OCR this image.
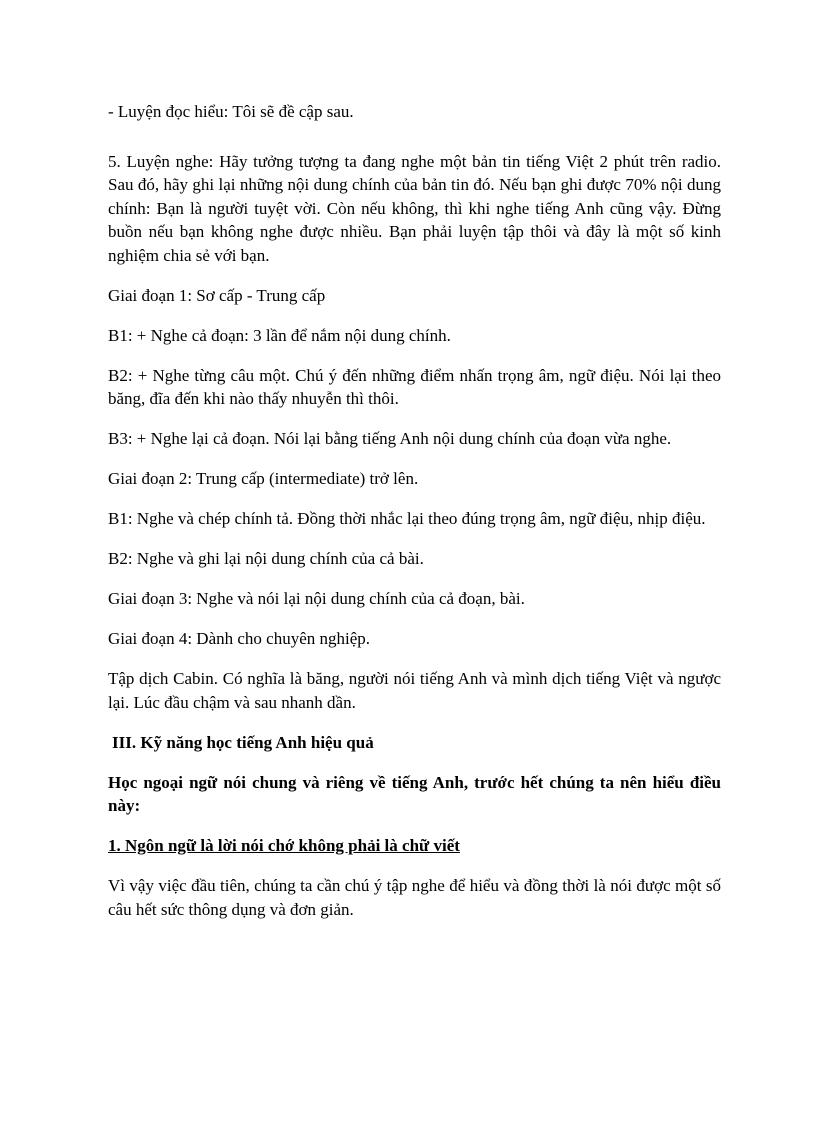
- Luyện đọc hiểu: Tôi sẽ đề cập sau.

5. Luyện nghe: Hãy tưởng tượng ta đang nghe một bản tin tiếng Việt 2 phút trên radio. Sau đó, hãy ghi lại những nội dung chính của bản tin đó. Nếu bạn ghi được 70% nội dung chính: Bạn là người tuyệt vời. Còn nếu không, thì khi nghe tiếng Anh cũng vậy. Đừng buồn nếu bạn không nghe được nhiều. Bạn phải luyện tập thôi và đây là một số kinh nghiệm chia sẻ với bạn.

Giai đoạn 1: Sơ cấp - Trung cấp

B1: + Nghe cả đoạn: 3 lần để nắm nội dung chính.

B2: + Nghe từng câu một. Chú ý đến những điểm nhấn trọng âm, ngữ điệu. Nói lại theo băng, đĩa đến khi nào thấy nhuyễn thì thôi.

B3: + Nghe lại cả đoạn. Nói lại bằng tiếng Anh nội dung chính của đoạn vừa nghe.

Giai đoạn 2: Trung cấp (intermediate) trở lên.

B1: Nghe và chép chính tả. Đồng thời nhắc lại theo đúng trọng âm, ngữ điệu, nhịp điệu.

B2: Nghe và ghi lại nội dung chính của cả bài.

Giai đoạn 3: Nghe và nói lại nội dung chính của cả đoạn, bài.

Giai đoạn 4: Dành cho chuyên nghiệp.

Tập dịch Cabin. Có nghĩa là băng, người nói tiếng Anh và mình dịch tiếng Việt và ngược lại. Lúc đầu chậm và sau nhanh dần.

III. Kỹ năng học tiếng Anh hiệu quả

Học ngoại ngữ nói chung và riêng về tiếng Anh, trước hết chúng ta nên hiểu điều này:

1. Ngôn ngữ là lời nói chớ không phải là chữ viết

Vì vậy việc đầu tiên, chúng ta cần chú ý tập nghe để hiểu và đồng thời là nói được một số câu hết sức thông dụng và đơn giản.
